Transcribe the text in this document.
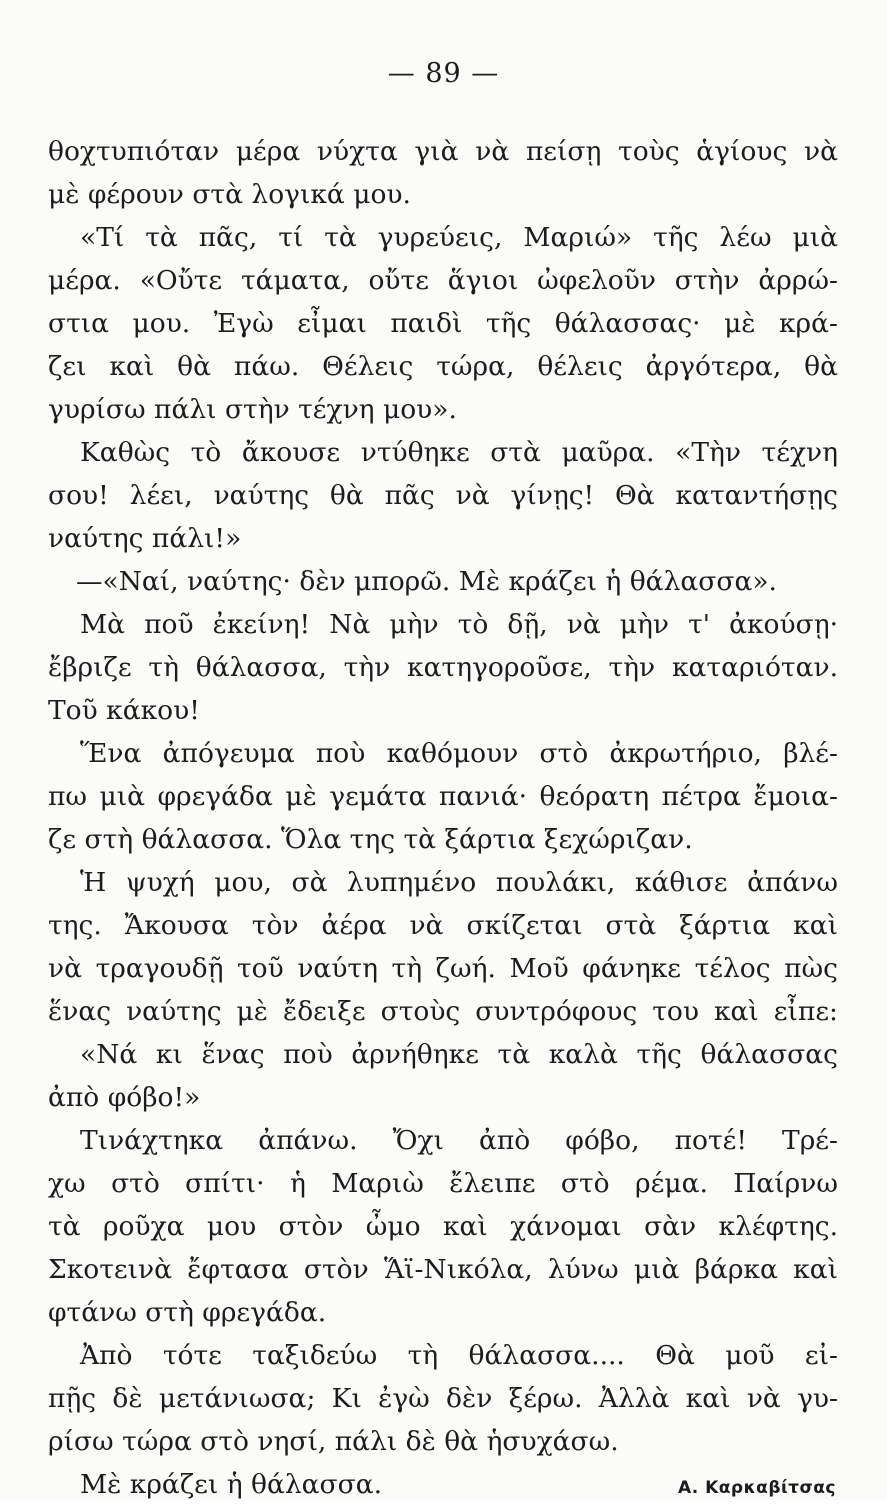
— 89 —
θοχτυπιόταν μέρα νύχτα γιὰ νὰ πείσῃ τοὺς ἁγίους νὰ
μὲ φέρουν στὰ λογικά μου.
«Τί τὰ πᾶς, τί τὰ γυρεύεις, Μαριώ» τῆς λέω μιὰ
μέρα. «Οὔτε τάματα, οὔτε ἅγιοι ὠφελοῦν στὴν ἀρρώ-
στια μου. Ἐγὼ εἶμαι παιδὶ τῆς θάλασσας· μὲ κρά-
ζει καὶ θὰ πάω. Θέλεις τώρα, θέλεις ἀργότερα, θὰ
γυρίσω πάλι στὴν τέχνη μου».
Καθὼς τὸ ἄκουσε ντύθηκε στὰ μαῦρα. «Τὴν τέχνη
σου! λέει, ναύτης θὰ πᾶς νὰ γίνῃς! Θὰ καταντήσῃς
ναύτης πάλι!»
—«Ναί, ναύτης· δὲν μπορῶ. Μὲ κράζει ἡ θάλασσα».
Μὰ ποῦ ἐκείνη! Νὰ μὴν τὸ δῇ, νὰ μὴν τ' ἀκούσῃ·
ἔβριζε τὴ θάλασσα, τὴν κατηγοροῦσε, τὴν καταριόταν.
Τοῦ κάκου!
Ἕνα ἀπόγευμα ποὺ καθόμουν στὸ ἀκρωτήριο, βλέ-
πω μιὰ φρεγάδα μὲ γεμάτα πανιά· θεόρατη πέτρα ἔμοια-
ζε στὴ θάλασσα. Ὅλα της τὰ ξάρτια ξεχώριζαν.
Ἡ ψυχή μου, σὰ λυπημένο πουλάκι, κάθισε ἀπάνω
της. Ἄκουσα τὸν ἀέρα νὰ σκίζεται στὰ ξάρτια καὶ
νὰ τραγουδῇ τοῦ ναύτη τὴ ζωή. Μοῦ φάνηκε τέλος πὼς
ἕνας ναύτης μὲ ἔδειξε στοὺς συντρόφους του καὶ εἶπε:
«Νά κι ἕνας ποὺ ἀρνήθηκε τὰ καλὰ τῆς θάλασσας
ἀπὸ φόβο!»
Τινάχτηκα ἀπάνω. Ὄχι ἀπὸ φόβο, ποτέ! Τρέ-
χω στὸ σπίτι· ἡ Μαριὼ ἔλειπε στὸ ρέμα. Παίρνω
τὰ ροῦχα μου στὸν ὦμο καὶ χάνομαι σὰν κλέφτης.
Σκοτεινὰ ἔφτασα στὸν Ἅϊ-Νικόλα, λύνω μιὰ βάρκα καὶ
φτάνω στὴ φρεγάδα.
Ἀπὸ τότε ταξιδεύω τὴ θάλασσα.... Θὰ μοῦ εἰ-
πῇς δὲ μετάνιωσα; Κι ἐγὼ δὲν ξέρω. Ἀλλὰ καὶ νὰ γυ-
ρίσω τώρα στὸ νησί, πάλι δὲ θὰ ἡσυχάσω.
Μὲ κράζει ἡ θάλασσα.	Α. Καρκαβίτσας
